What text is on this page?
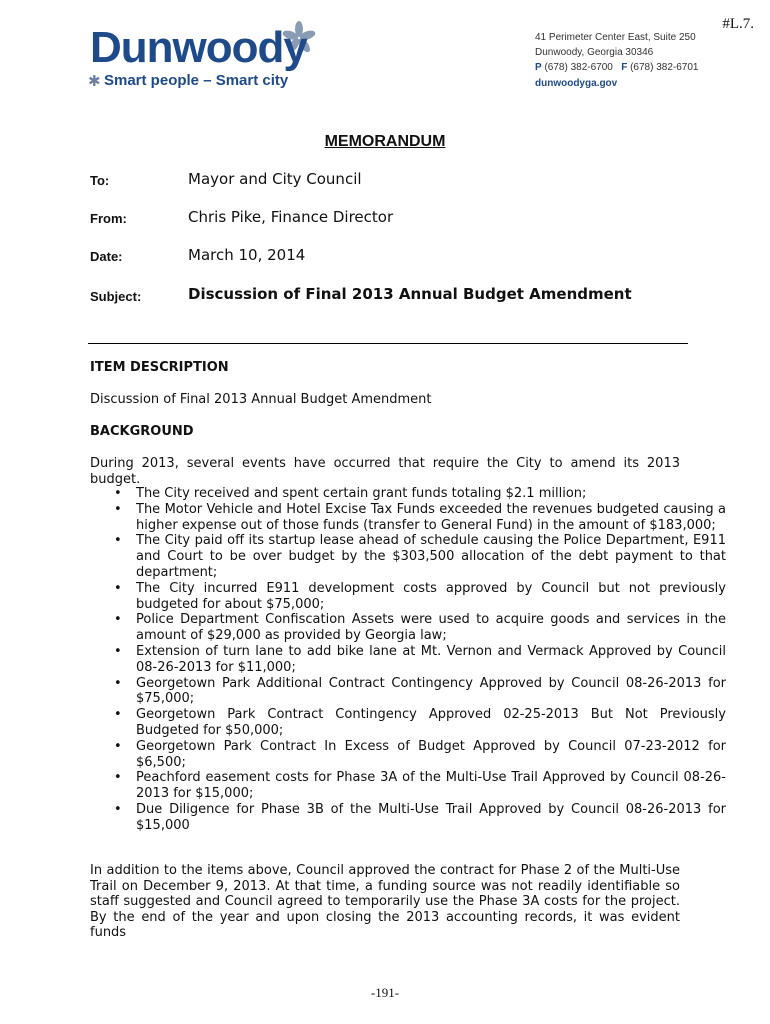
#L.7.
Dunwoody
✱ Smart people – Smart city
41 Perimeter Center East, Suite 250
Dunwoody, Georgia 30346
P (678) 382-6700 F (678) 382-6701
dunwoodyga.gov
MEMORANDUM
To:	Mayor and City Council
From:	Chris Pike, Finance Director
Date:	March 10, 2014
Subject:	Discussion of Final 2013 Annual Budget Amendment
ITEM DESCRIPTION
Discussion of Final 2013 Annual Budget Amendment
BACKGROUND
During 2013, several events have occurred that require the City to amend its 2013 budget.
• The City received and spent certain grant funds totaling $2.1 million;
• The Motor Vehicle and Hotel Excise Tax Funds exceeded the revenues budgeted causing a higher expense out of those funds (transfer to General Fund) in the amount of $183,000;
• The City paid off its startup lease ahead of schedule causing the Police Department, E911 and Court to be over budget by the $303,500 allocation of the debt payment to that department;
• The City incurred E911 development costs approved by Council but not previously budgeted for about $75,000;
• Police Department Confiscation Assets were used to acquire goods and services in the amount of $29,000 as provided by Georgia law;
• Extension of turn lane to add bike lane at Mt. Vernon and Vermack Approved by Council 08-26-2013 for $11,000;
• Georgetown Park Additional Contract Contingency Approved by Council 08-26-2013 for $75,000;
• Georgetown Park Contract Contingency Approved 02-25-2013 But Not Previously Budgeted for $50,000;
• Georgetown Park Contract In Excess of Budget Approved by Council 07-23-2012 for $6,500;
• Peachford easement costs for Phase 3A of the Multi-Use Trail Approved by Council 08-26-2013 for $15,000;
• Due Diligence for Phase 3B of the Multi-Use Trail Approved by Council 08-26-2013 for $15,000
In addition to the items above, Council approved the contract for Phase 2 of the Multi-Use Trail on December 9, 2013. At that time, a funding source was not readily identifiable so staff suggested and Council agreed to temporarily use the Phase 3A costs for the project. By the end of the year and upon closing the 2013 accounting records, it was evident funds
-191-
